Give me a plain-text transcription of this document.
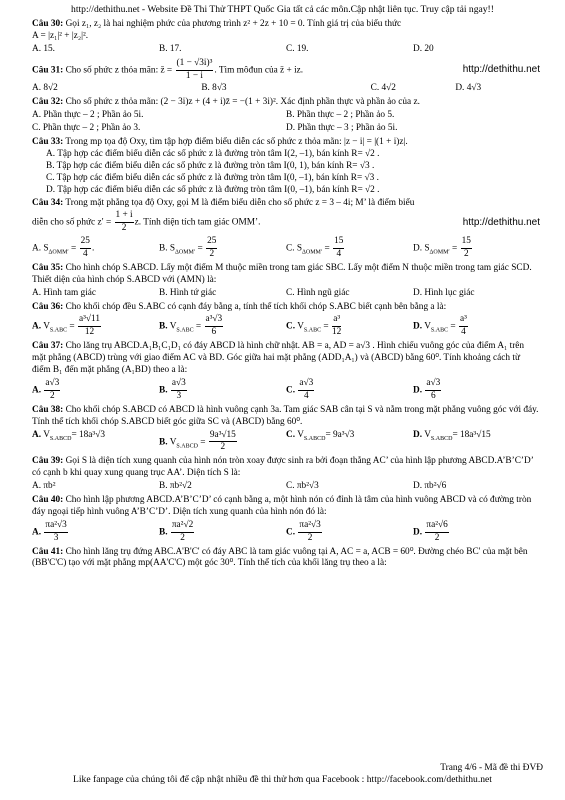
http://dethithu.net - Website Đề Thi Thử THPT Quốc Gia tất cả các môn.Cập nhật liên tục. Truy cập tải ngay!!

Câu 30: Gọi z₁, z₂ là hai nghiệm phức của phương trình z² + 2z + 10 = 0. Tính giá trị của biểu thức

A = |z₁|² + |z₂|².

A. 15.	B. 17.	C. 19.	D. 20

Câu 31: Cho số phức z thỏa mãn: z̄ = $\frac{\text{(1 − √3i)³}}{1 - i}$ . Tìm môđun của z̄ + iz.	http://dethithu.net
A. 8√2	B. 8√3	C. 4√2	D. 4√3

Câu 32: Cho số phức z thỏa mãn: (2 − 3i)z + (4 + i)z̄ = −(1 + 3i)². Xác định phần thực và phần ảo của z.

A. Phần thực – 2 ; Phần ảo 5i.	B. Phần thực – 2 ; Phần ảo 5.
C. Phần thực – 2 ; Phần ảo 3.	D. Phần thực – 3 ; Phần ảo 5i.

Câu 33: Trong mp tọa độ Oxy, tìm tập hợp điểm biểu diễn các số phức z thỏa mãn: |z − i| = |(1 + i)z|.

A. Tập hợp các điểm biểu diễn các số phức z là đường tròn tâm I(2, –1), bán kính R= √2 .

B. Tập hợp các điểm biểu diễn các số phức z là đường tròn tâm I(0, 1), bán kính R= √3 .

C. Tập hợp các điểm biểu diễn các số phức z là đường tròn tâm I(0, –1), bán kính R= √3 .

D. Tập hợp các điểm biểu diễn các số phức z là đường tròn tâm I(0, –1), bán kính R= √2 .

Câu 34: Trong mặt phẳng tọa độ Oxy, gọi M là điểm biểu diễn cho số phức z = 3 – 4i; M’ là điểm biểu

diễn cho số phức $z' = \frac{1 + i}{2} z$. Tính diện tích tam giác OMM’.	http://dethithu.net
A. $S_{\Delta OMM'} = \frac{25}{4}$ .	B. $S_{\Delta OMM'} = \frac{25}{2}$	C. $S_{\Delta OMM'} = \frac{15}{4}$	D. $S_{\Delta OMM'} = \frac{15}{2}$

Câu 35: Cho hình chóp S.ABCD. Lấy một điểm M thuộc miền trong tam giác SBC. Lấy một điểm N thuộc miền trong tam giác SCD. Thiết diện của hình chóp S.ABCD với (AMN) là:

A. Hình tam giác	B. Hình tứ giác	C. Hình ngũ giác	D. Hình lục giác

Câu 36: Cho khối chóp đều S.ABC có cạnh đáy bằng a, tính thể tích khối chóp S.ABC biết cạnh bên bằng a là:

A. $V_{S.ABC} = \frac{\text{a³√11}}{12}$	B. $V_{S.ABC} = \frac{\text{a³√3}}{6}$	C. $V_{S.ABC} = \frac{\text{a³}}{12}$	D. $V_{S.ABC} = \frac{\text{a³}}{4}$

Câu 37: Cho lăng trụ ABCD.A₁B₁C₁D₁ có đáy ABCD là hình chữ nhật. AB = a, AD = a√3 . Hình chiếu vuông góc của điểm A₁ trên mặt phẳng (ABCD) trùng với giao điểm AC và BD. Góc giữa hai mặt phẳng (ADD₁A₁) và (ABCD) bằng 60⁰. Tính khoảng cách từ điểm B₁ đến mặt phẳng (A₁BD) theo a là:

A. $\frac{a√3}{2}$	B. $\frac{a√3}{3}$	C. $\frac{a√3}{4}$	D. $\frac{a√3}{6}$

Câu 38: Cho khối chóp S.ABCD có ABCD là hình vuông cạnh 3a. Tam giác SAB cân tại S và nằm trong mặt phẳng vuông góc với đáy. Tính thể tích khối chóp S.ABCD biết góc giữa SC và (ABCD) bằng 60⁰.

A. $V_{S.ABCD}= 18a^3√3$
B. $V_{S.ABCD} = \frac{\text{9a³√15}}{2}$	C. $V_{S.ABCD}= 9a^3√3$	D. $V_{S.ABCD}= 18a^3√15$

Câu 39: Gọi S là diện tích xung quanh của hình nón tròn xoay được sinh ra bởi đoạn thẳng AC’ của hình lập phương ABCD.A’B’C’D’ có cạnh b khi quay xung quang trục AA’. Diện tích S là:

A. πb²	B. πb²√2	C. πb²√3	D. πb²√6

Câu 40: Cho hình lập phương ABCD.A’B’C’D’ có cạnh bằng a, một hình nón có đỉnh là tâm của hình vuông ABCD và có đường tròn đáy ngoại tiếp hình vuông A’B’C’D’. Diện tích xung quanh của hình nón đó là:

A. $\frac{\text{πa²√3}}{3}$	B. $\frac{\text{πa²√2}}{2}$	C. $\frac{\text{πa²√3}}{2}$	D. $\frac{\text{πa²√6}}{2}$

Câu 41: Cho hình lăng trụ đứng ABC.A'B'C' có đáy ABC là tam giác vuông tại A, AC = a, ACB = 60⁰. Đường chéo BC' của mặt bên (BB'C'C) tạo với mặt phẳng mp(AA'C'C) một góc 30⁰. Tính thể tích của khối lăng trụ theo a là:

Trang 4/6 - Mã đề thi ĐVĐ
Like fanpage của chúng tôi để cập nhật nhiều đề thi thử hơn qua Facebook : http://facebook.com/dethithu.net
